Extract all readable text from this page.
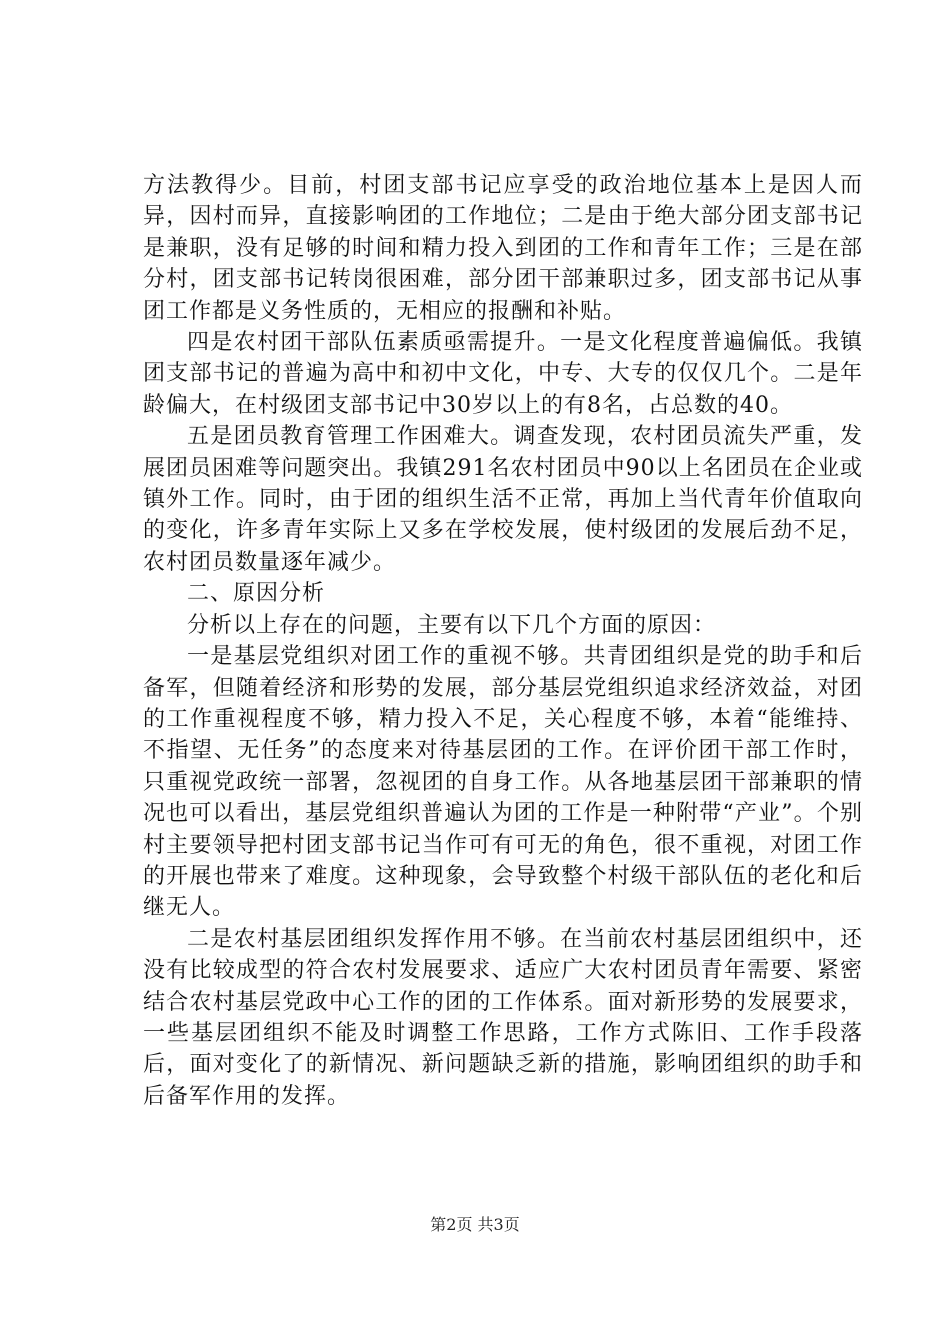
方法教得少。目前，村团支部书记应享受的政治地位基本上是因人而异，因村而异，直接影响团的工作地位；二是由于绝大部分团支部书记是兼职，没有足够的时间和精力投入到团的工作和青年工作；三是在部分村，团支部书记转岗很困难，部分团干部兼职过多，团支部书记从事团工作都是义务性质的，无相应的报酬和补贴。

四是农村团干部队伍素质亟需提升。一是文化程度普遍偏低。我镇团支部书记的普遍为高中和初中文化，中专、大专的仅仅几个。二是年龄偏大，在村级团支部书记中30岁以上的有8名，占总数的40。

五是团员教育管理工作困难大。调查发现，农村团员流失严重，发展团员困难等问题突出。我镇291名农村团员中90以上名团员在企业或镇外工作。同时，由于团的组织生活不正常，再加上当代青年价值取向的变化，许多青年实际上又多在学校发展，使村级团的发展后劲不足，农村团员数量逐年减少。

二、原因分析

分析以上存在的问题，主要有以下几个方面的原因：

一是基层党组织对团工作的重视不够。共青团组织是党的助手和后备军，但随着经济和形势的发展，部分基层党组织追求经济效益，对团的工作重视程度不够，精力投入不足，关心程度不够，本着“能维持、不指望、无任务”的态度来对待基层团的工作。在评价团干部工作时，只重视党政统一部署，忽视团的自身工作。从各地基层团干部兼职的情况也可以看出，基层党组织普遍认为团的工作是一种附带“产业”。个别村主要领导把村团支部书记当作可有可无的角色，很不重视，对团工作的开展也带来了难度。这种现象，会导致整个村级干部队伍的老化和后继无人。

二是农村基层团组织发挥作用不够。在当前农村基层团组织中，还没有比较成型的符合农村发展要求、适应广大农村团员青年需要、紧密结合农村基层党政中心工作的团的工作体系。面对新形势的发展要求，一些基层团组织不能及时调整工作思路，工作方式陈旧、工作手段落后，面对变化了的新情况、新问题缺乏新的措施，影响团组织的助手和后备军作用的发挥。

第2页 共3页
